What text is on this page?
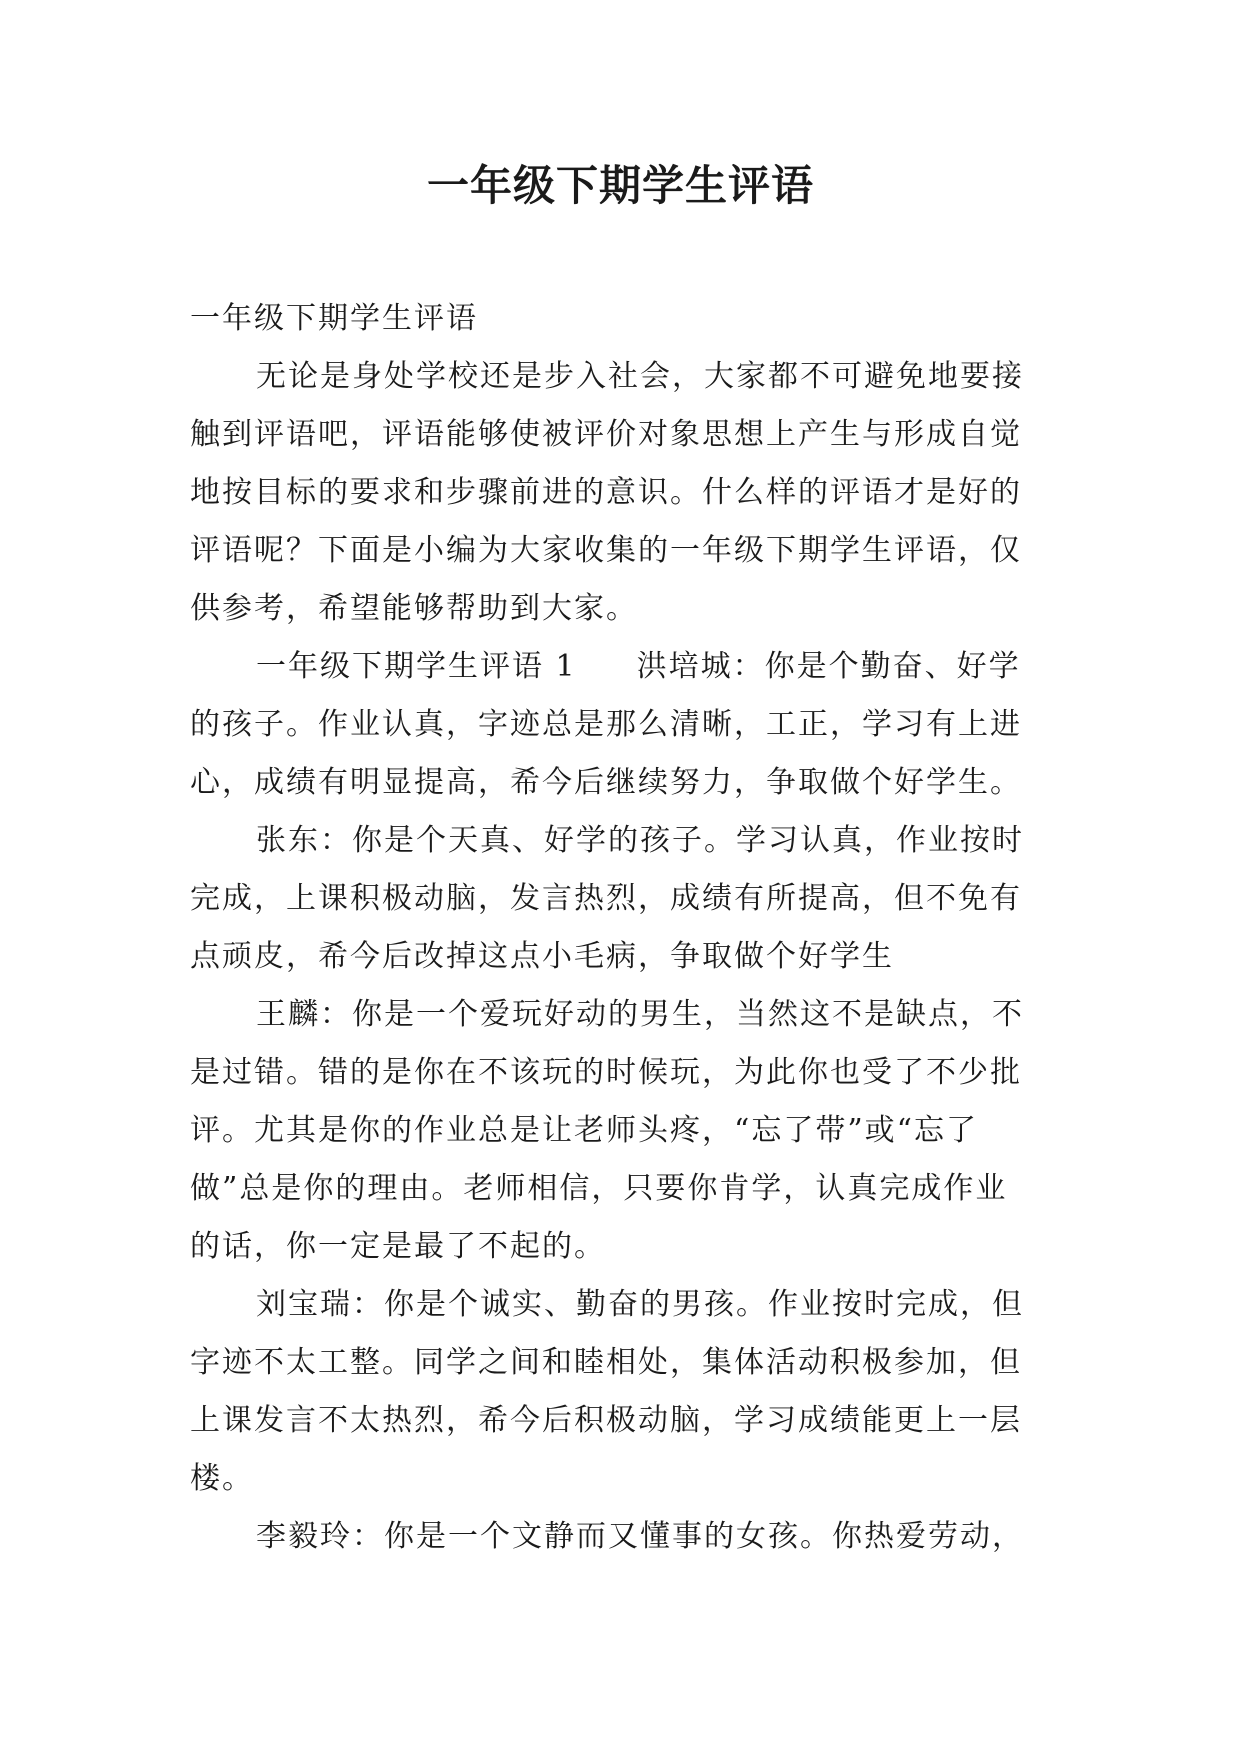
一年级下期学生评语
一年级下期学生评语
无论是身处学校还是步入社会，大家都不可避免地要接
触到评语吧，评语能够使被评价对象思想上产生与形成自觉
地按目标的要求和步骤前进的意识。什么样的评语才是好的
评语呢？下面是小编为大家收集的一年级下期学生评语，仅
供参考，希望能够帮助到大家。
一年级下期学生评语 1 洪培城：你是个勤奋、好学
的孩子。作业认真，字迹总是那么清晰，工正，学习有上进
心，成绩有明显提高，希今后继续努力，争取做个好学生。
张东：你是个天真、好学的孩子。学习认真，作业按时
完成，上课积极动脑，发言热烈，成绩有所提高，但不免有
点顽皮，希今后改掉这点小毛病，争取做个好学生
王麟：你是一个爱玩好动的男生，当然这不是缺点，不
是过错。错的是你在不该玩的时候玩，为此你也受了不少批
评。尤其是你的作业总是让老师头疼，“忘了带”或“忘了
做”总是你的理由。老师相信，只要你肯学，认真完成作业
的话，你一定是最了不起的。
刘宝瑞：你是个诚实、勤奋的男孩。作业按时完成，但
字迹不太工整。同学之间和睦相处，集体活动积极参加，但
上课发言不太热烈，希今后积极动脑，学习成绩能更上一层
楼。
李毅玲：你是一个文静而又懂事的女孩。你热爱劳动，
